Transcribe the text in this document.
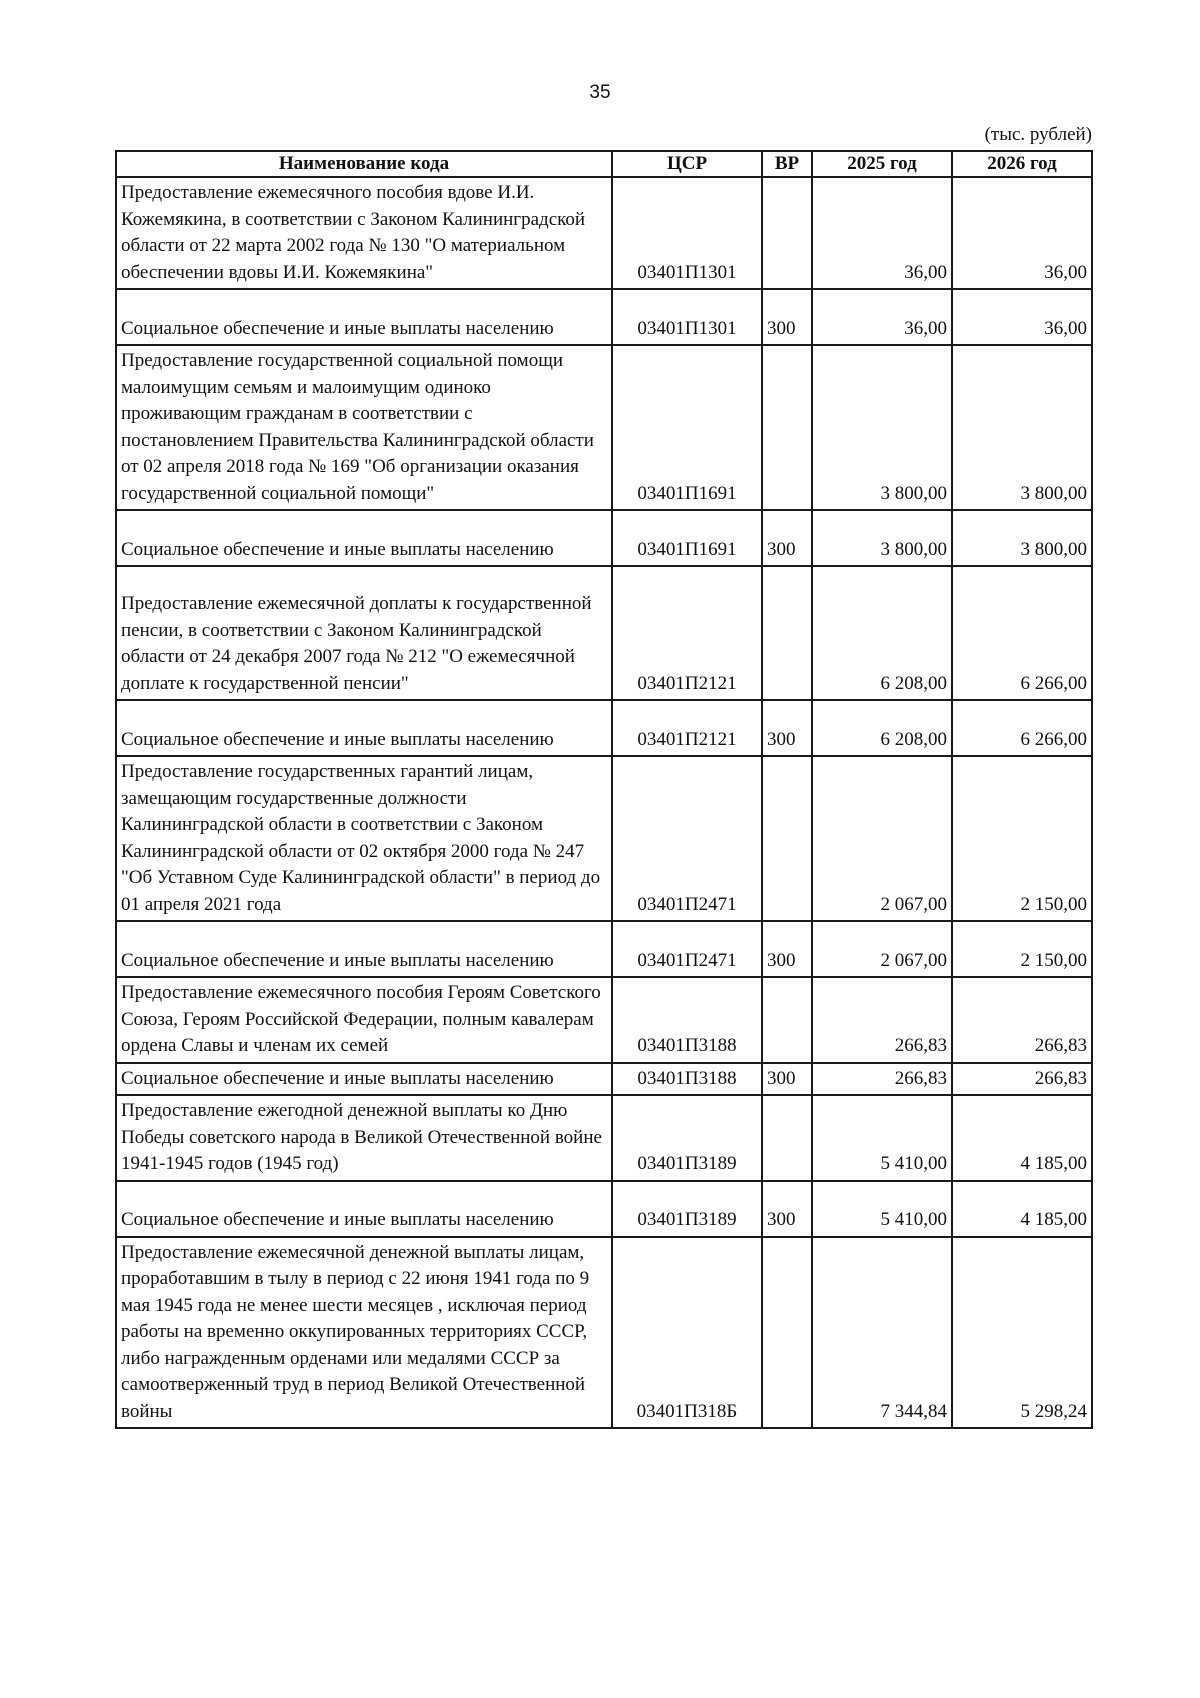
35
(тыс. рублей)
Наименование кода	ЦСР	ВР	2025 год	2026 год
Предоставление ежемесячного пособия вдове И.И. Кожемякина, в соответствии с Законом Калининградской области от 22 марта 2002 года № 130 "О материальном обеспечении вдовы И.И. Кожемякина"	03401П1301		36,00	36,00
Социальное обеспечение и иные выплаты населению	03401П1301	300	36,00	36,00
Предоставление государственной социальной помощи малоимущим семьям и малоимущим одиноко проживающим гражданам в соответствии с постановлением Правительства Калининградской области от 02 апреля 2018 года № 169 "Об организации оказания государственной социальной помощи"	03401П1691		3 800,00	3 800,00
Социальное обеспечение и иные выплаты населению	03401П1691	300	3 800,00	3 800,00
Предоставление ежемесячной доплаты к государственной пенсии, в соответствии с Законом Калининградской области от 24 декабря 2007 года № 212 "О ежемесячной доплате к государственной пенсии"	03401П2121		6 208,00	6 266,00
Социальное обеспечение и иные выплаты населению	03401П2121	300	6 208,00	6 266,00
Предоставление государственных гарантий лицам, замещающим государственные должности Калининградской области в соответствии с Законом Калининградской области от 02 октября 2000 года № 247 "Об Уставном Суде Калининградской области" в период до 01 апреля 2021 года	03401П2471		2 067,00	2 150,00
Социальное обеспечение и иные выплаты населению	03401П2471	300	2 067,00	2 150,00
Предоставление ежемесячного пособия Героям Советского Союза, Героям Российской Федерации, полным кавалерам ордена Славы и членам их семей	03401П3188		266,83	266,83
Социальное обеспечение и иные выплаты населению	03401П3188	300	266,83	266,83
Предоставление ежегодной денежной выплаты ко Дню Победы советского народа в Великой Отечественной войне 1941-1945 годов (1945 год)	03401П3189		5 410,00	4 185,00
Социальное обеспечение и иные выплаты населению	03401П3189	300	5 410,00	4 185,00
Предоставление ежемесячной денежной выплаты лицам, проработавшим в тылу в период с 22 июня 1941 года по 9 мая 1945 года не менее шести месяцев , исключая период работы на временно оккупированных территориях СССР, либо награжденным орденами или медалями СССР за самоотверженный труд в период Великой Отечественной войны	03401П318Б		7 344,84	5 298,24
